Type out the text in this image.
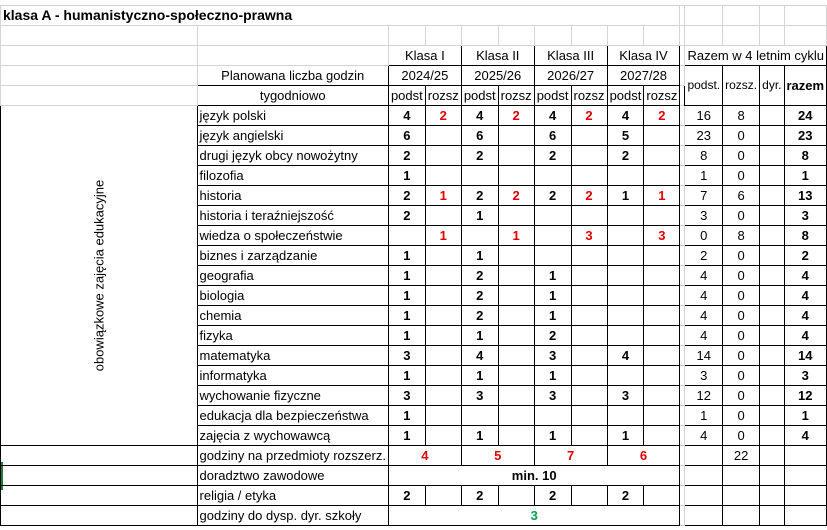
klasa A - humanistyczno-społeczno-prawna														

		Klasa I		Klasa II		Klasa III		Klasa IV			Razem w 4 letnim cyklu			
	Planowana liczba godzin	2024/25		2025/26		2026/27		2027/28			podst.	rozsz.	dyr.	razem
	tygodniowo	podst	rozsz	podst	rozsz	podst	rozsz	podst	rozsz					
obowiązkowe zajęcia edukacyjne	język polski	4	2	4	2	4	2	4	2		16	8		24
	język angielski	6		6		6		5			23	0		23
	drugi język obcy nowożytny	2		2		2		2			8	0		8
	filozofia	1									1	0		1
	historia	2	1	2	2	2	2	1	1		7	6		13
	historia i teraźniejszość	2		1							3	0		3
	wiedza o społeczeństwie		1		1		3		3		0	8		8
	biznes i zarządzanie	1		1							2	0		2
	geografia	1		2		1					4	0		4
	biologia	1		2		1					4	0		4
	chemia	1		2		1					4	0		4
	fizyka	1		1		2					4	0		4
	matematyka	3		4		3		4			14	0		14
	informatyka	1		1		1					3	0		3
	wychowanie fizyczne	3		3		3		3			12	0		12
	edukacja dla bezpieczeństwa	1									1	0		1
	zajęcia z wychowawcą	1		1		1		1			4	0		4
	godziny na przedmioty rozszerz.	4		5		7		6				22		
	doradztwo zawodowe	min. 10												
	religia / etyka	2		2		2		2						
	godziny do dysp. dyr. szkoły	3												
